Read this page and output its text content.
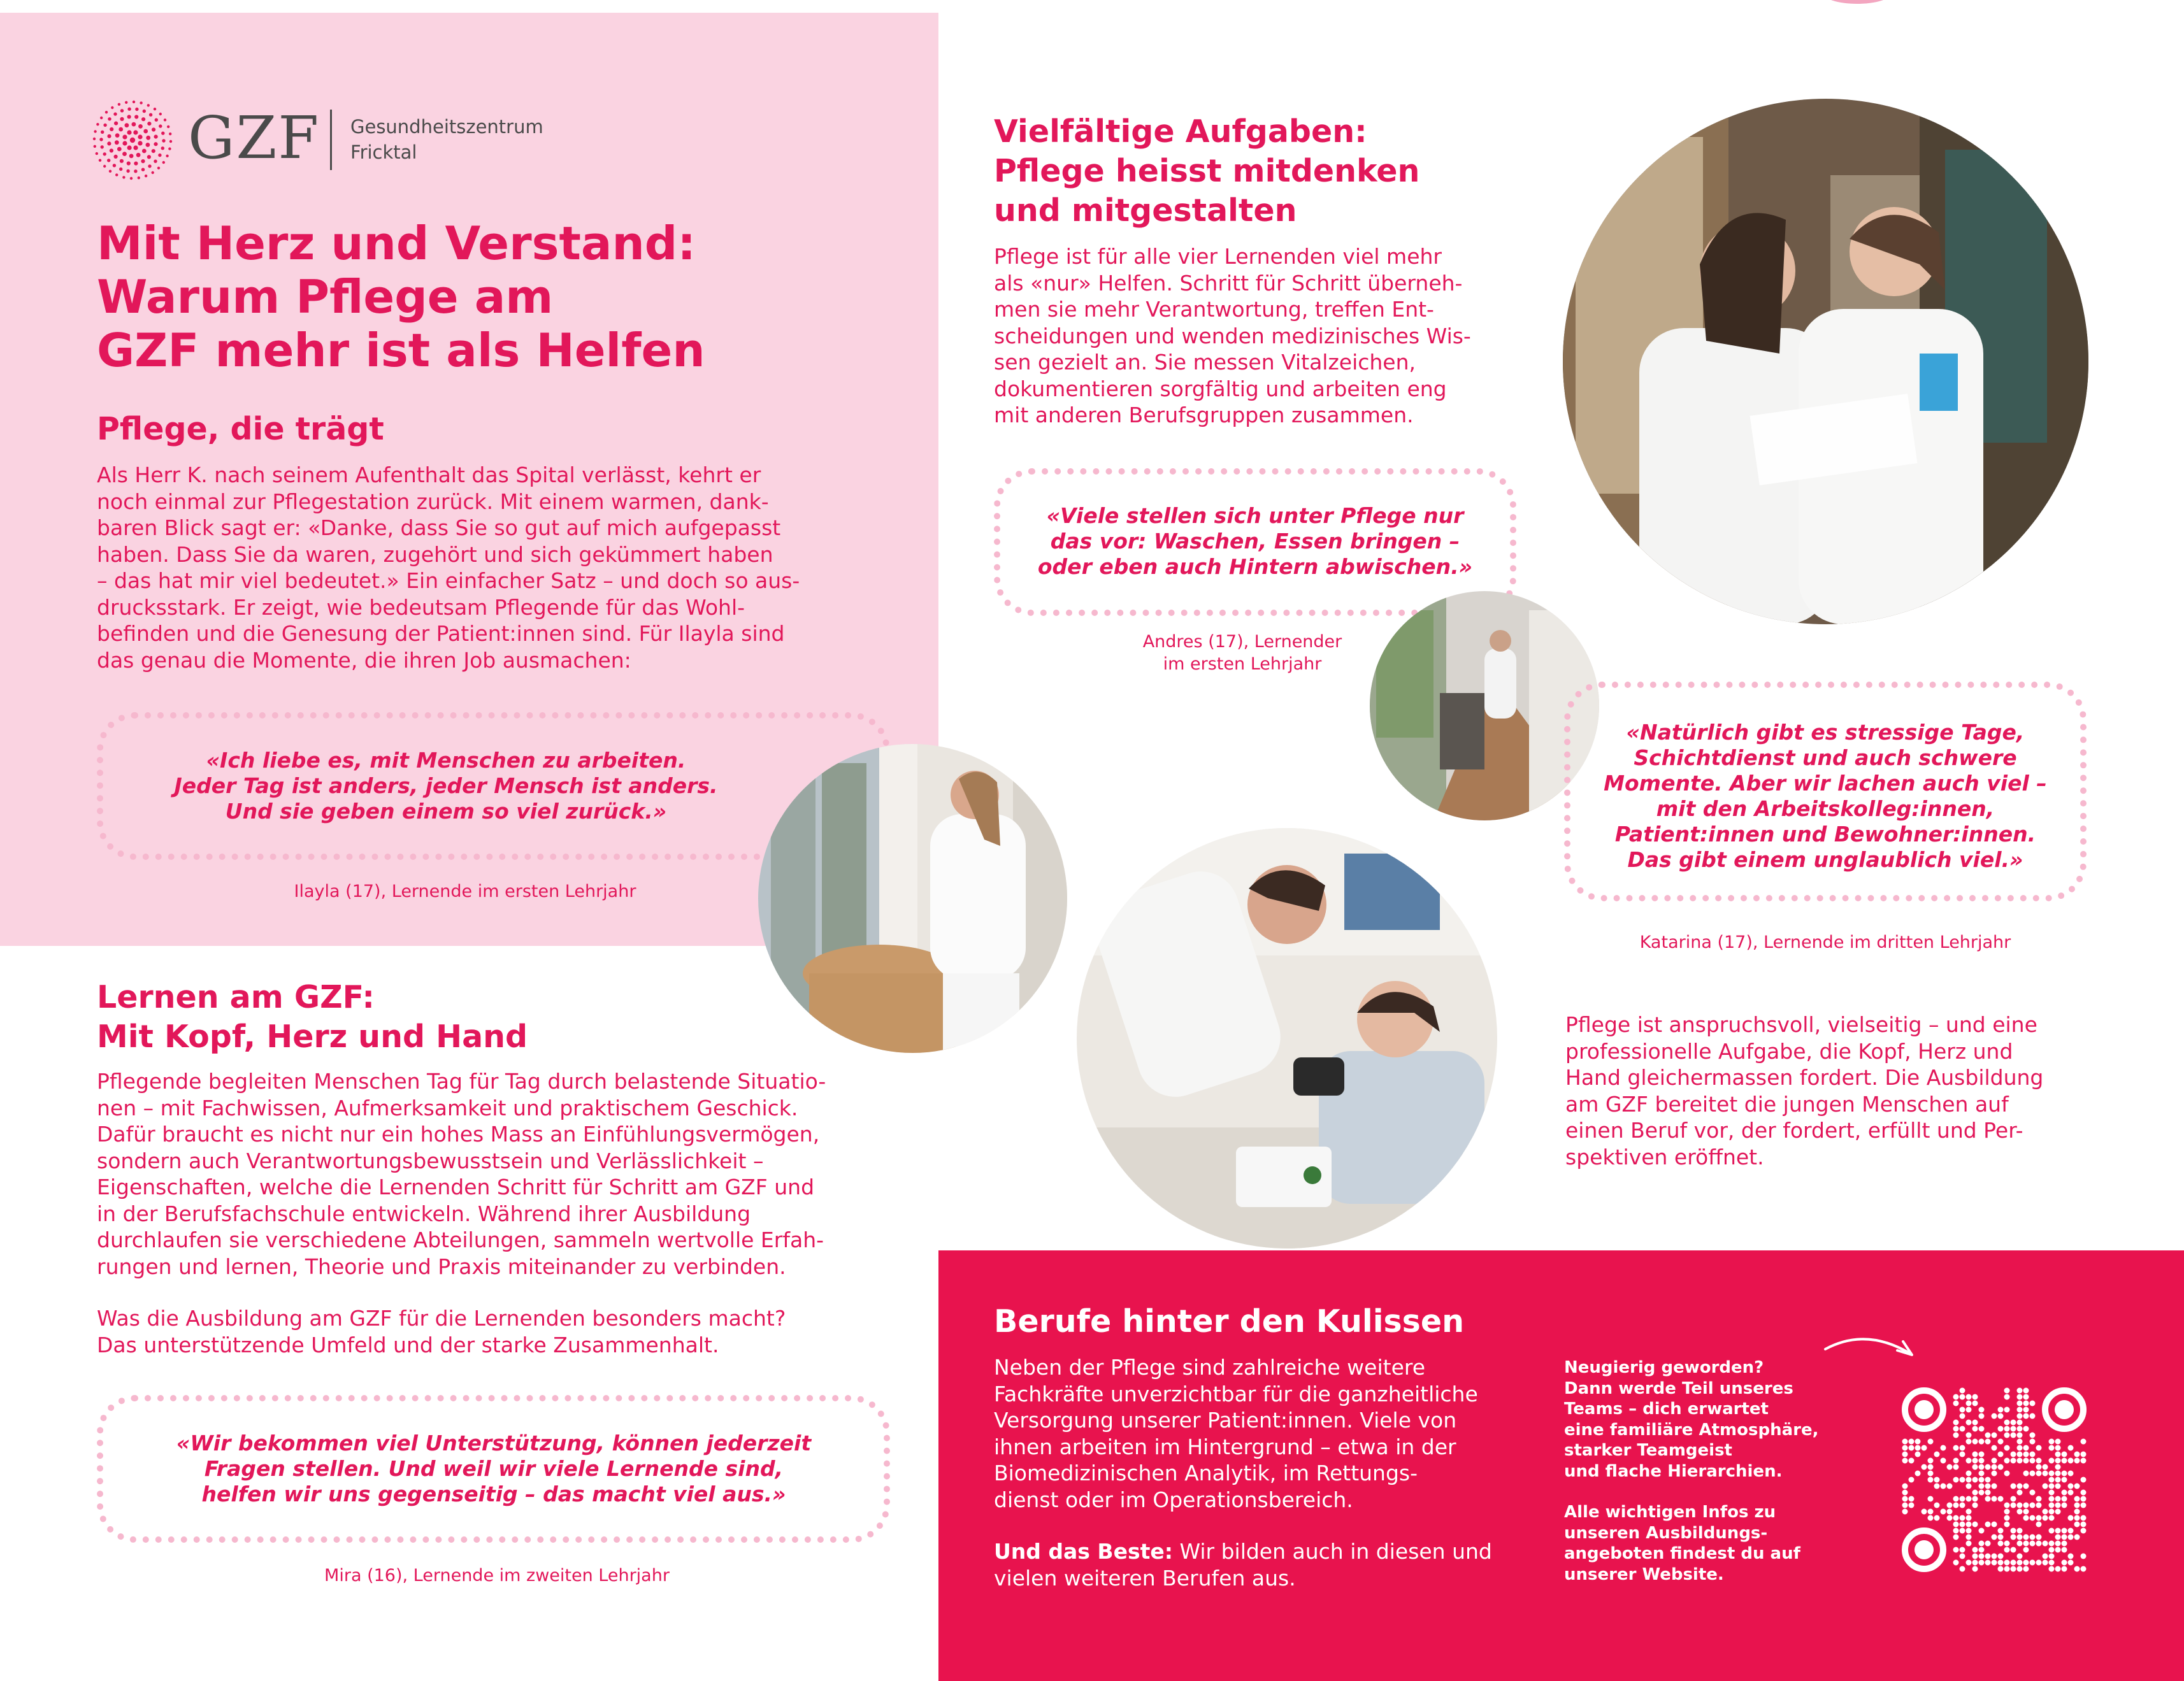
GZF Gesundheitszentrum
Fricktal
Mit Herz und Verstand:
Warum Pflege am
GZF mehr ist als Helfen
Pflege, die trägt
Als Herr K. nach seinem Aufenthalt das Spital verlässt, kehrt er
noch einmal zur Pflegestation zurück. Mit einem warmen, dank-
baren Blick sagt er: «Danke, dass Sie so gut auf mich aufgepasst
haben. Dass Sie da waren, zugehört und sich gekümmert haben
– das hat mir viel bedeutet.» Ein einfacher Satz – und doch so aus-
drucksstark. Er zeigt, wie bedeutsam Pflegende für das Wohl-
befinden und die Genesung der Patient:innen sind. Für Ilayla sind
das genau die Momente, die ihren Job ausmachen:
«Ich liebe es, mit Menschen zu arbeiten.
Jeder Tag ist anders, jeder Mensch ist anders.
Und sie geben einem so viel zurück.»
Ilayla (17), Lernende im ersten Lehrjahr
Lernen am GZF:
Mit Kopf, Herz und Hand
Pflegende begleiten Menschen Tag für Tag durch belastende Situatio-
nen – mit Fachwissen, Aufmerksamkeit und praktischem Geschick.
Dafür braucht es nicht nur ein hohes Mass an Einfühlungsvermögen,
sondern auch Verantwortungsbewusstsein und Verlässlichkeit –
Eigenschaften, welche die Lernenden Schritt für Schritt am GZF und
in der Berufsfachschule entwickeln. Während ihrer Ausbildung
durchlaufen sie verschiedene Abteilungen, sammeln wertvolle Erfah-
rungen und lernen, Theorie und Praxis miteinander zu verbinden.
Was die Ausbildung am GZF für die Lernenden besonders macht?
Das unterstützende Umfeld und der starke Zusammenhalt.
«Wir bekommen viel Unterstützung, können jederzeit
Fragen stellen. Und weil wir viele Lernende sind,
helfen wir uns gegenseitig – das macht viel aus.»
Mira (16), Lernende im zweiten Lehrjahr
Vielfältige Aufgaben:
Pflege heisst mitdenken
und mitgestalten
Pflege ist für alle vier Lernenden viel mehr
als «nur» Helfen. Schritt für Schritt überneh-
men sie mehr Verantwortung, treffen Ent-
scheidungen und wenden medizinisches Wis-
sen gezielt an. Sie messen Vitalzeichen,
dokumentieren sorgfältig und arbeiten eng
mit anderen Berufsgruppen zusammen.
«Viele stellen sich unter Pflege nur
das vor: Waschen, Essen bringen –
oder eben auch Hintern abwischen.»
Andres (17), Lernender
im ersten Lehrjahr
«Natürlich gibt es stressige Tage,
Schichtdienst und auch schwere
Momente. Aber wir lachen auch viel –
mit den Arbeitskolleg:innen,
Patient:innen und Bewohner:innen.
Das gibt einem unglaublich viel.»
Katarina (17), Lernende im dritten Lehrjahr
Pflege ist anspruchsvoll, vielseitig – und eine
professionelle Aufgabe, die Kopf, Herz und
Hand gleichermassen fordert. Die Ausbildung
am GZF bereitet die jungen Menschen auf
einen Beruf vor, der fordert, erfüllt und Per-
spektiven eröffnet.
Berufe hinter den Kulissen
Neben der Pflege sind zahlreiche weitere
Fachkräfte unverzichtbar für die ganzheitliche
Versorgung unserer Patient:innen. Viele von
ihnen arbeiten im Hintergrund – etwa in der
Biomedizinischen Analytik, im Rettungs-
dienst oder im Operationsbereich.
Und das Beste: Wir bilden auch in diesen und
vielen weiteren Berufen aus.
Neugierig geworden?
Dann werde Teil unseres
Teams – dich erwartet
eine familiäre Atmosphäre,
starker Teamgeist
und flache Hierarchien.
Alle wichtigen Infos zu
unseren Ausbildungs-
angeboten findest du auf
unserer Website.
